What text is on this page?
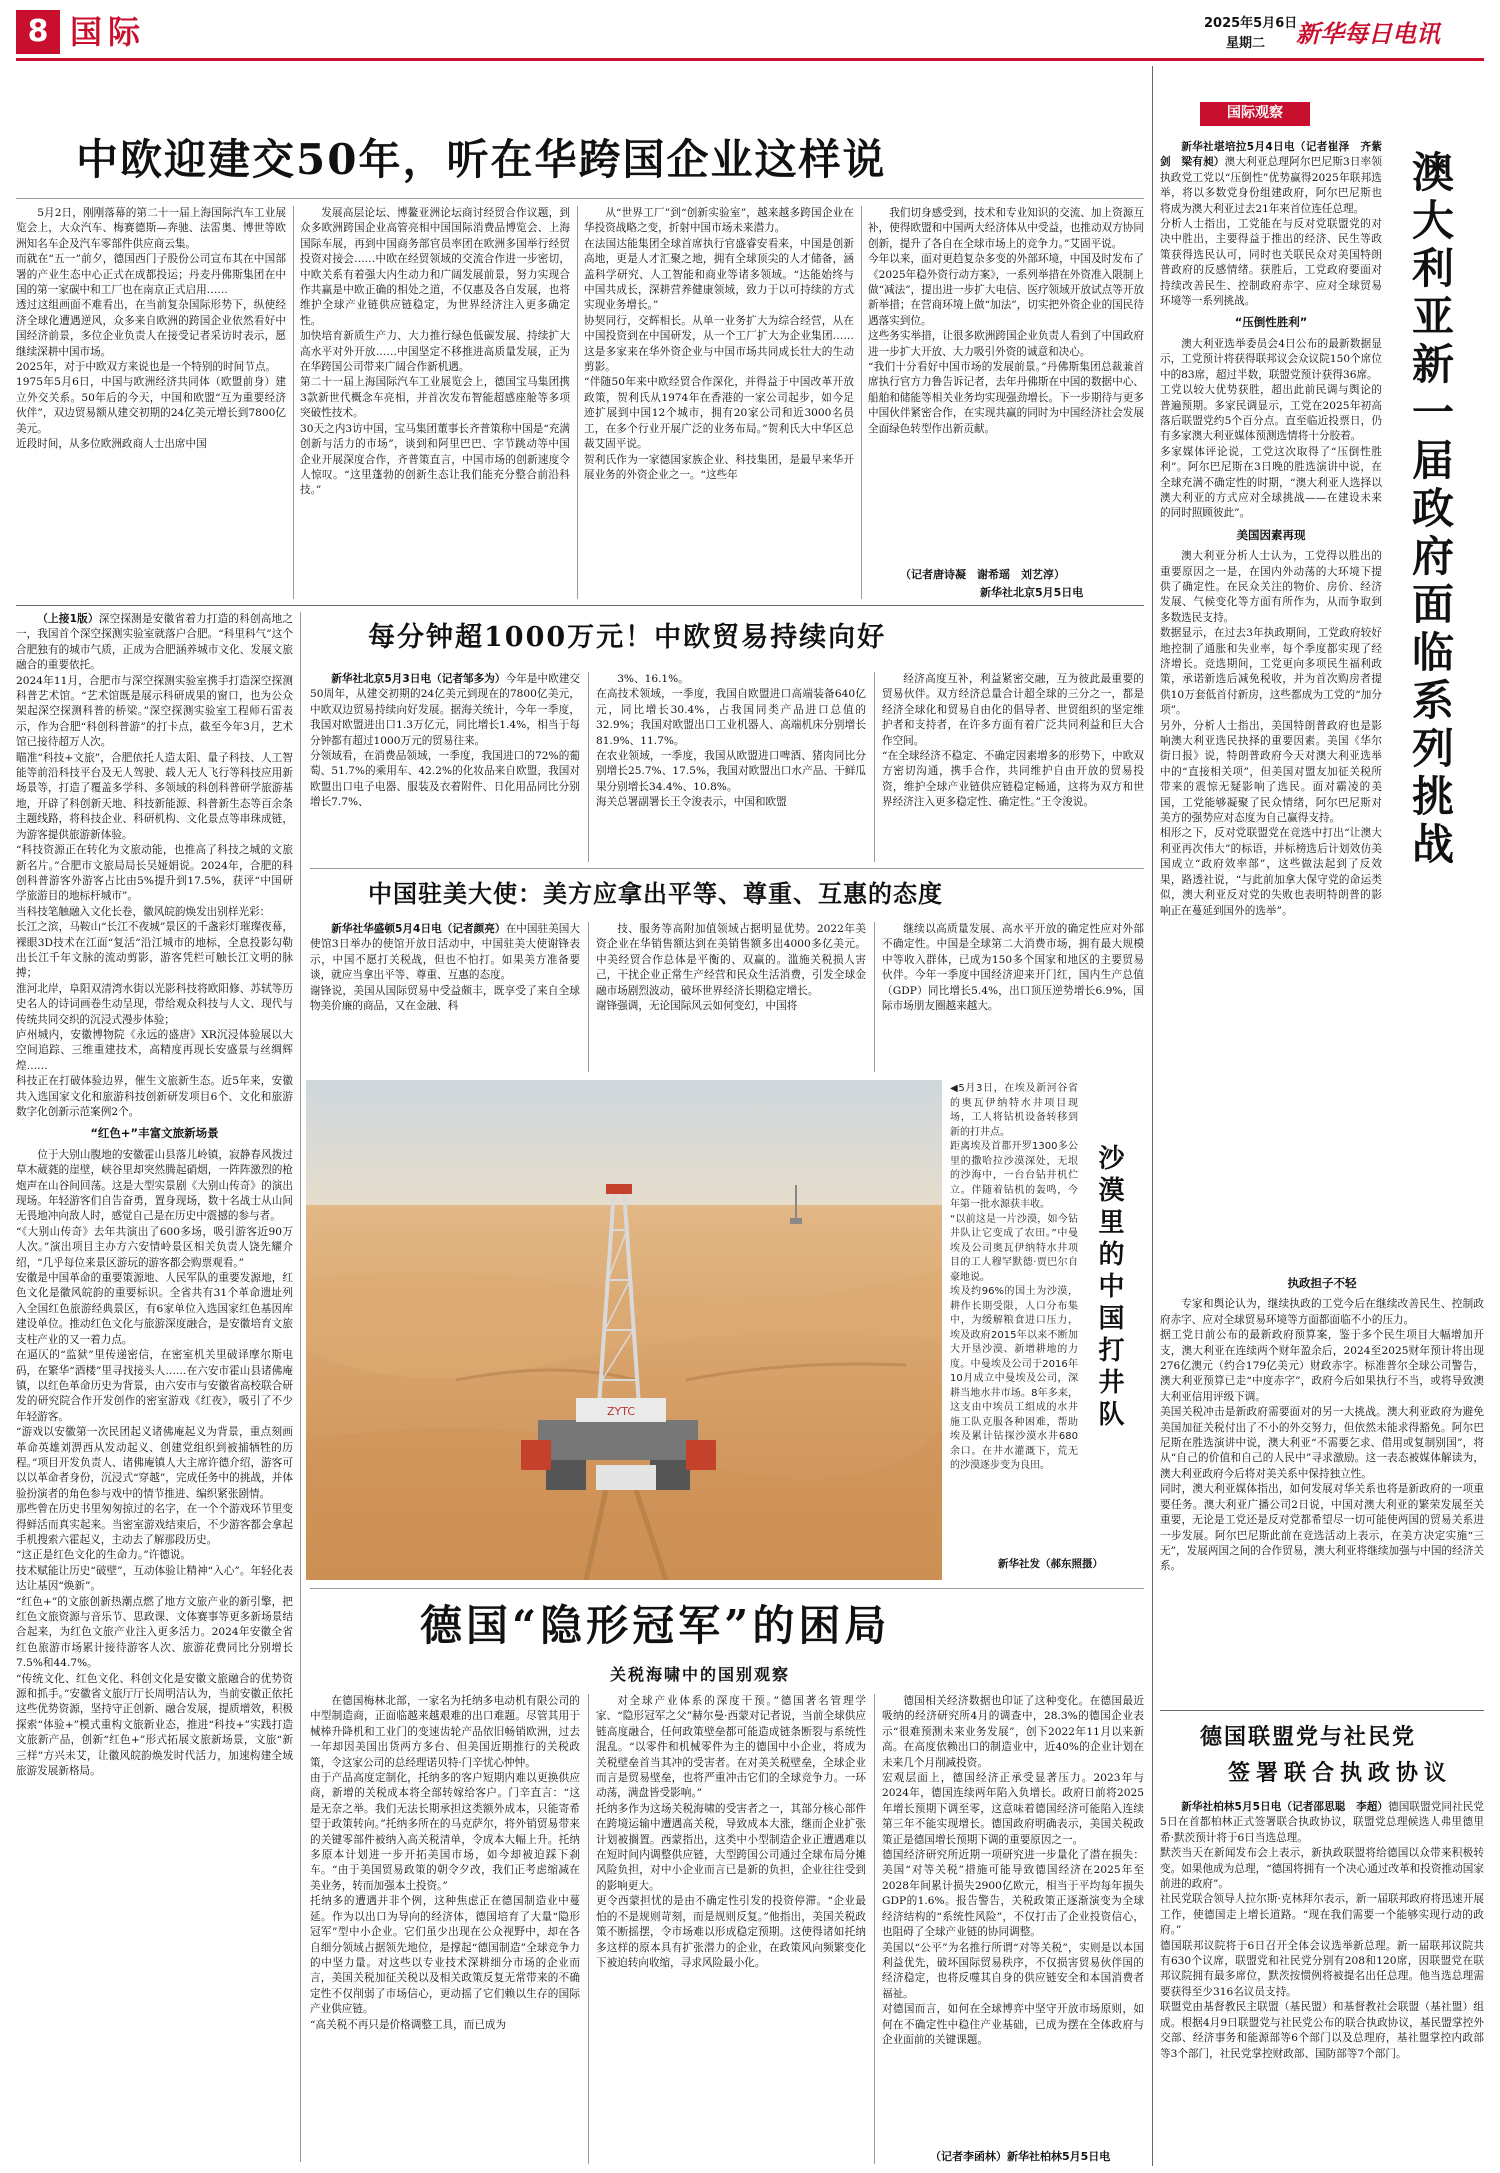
8 国际	2025年5月6日
星期二 新华每日电讯
中欧迎建交50年，听在华跨国企业这样说

5月2日，刚刚落幕的第二十一届上海国际汽车工业展览会上，大众汽车、梅赛德斯—奔驰、法雷奥、博世等欧洲知名车企及汽车零部件供应商云集。
而就在“五一”前夕，德国西门子股份公司宣布其在中国部署的产业生态中心正式在成都投运；丹麦丹佛斯集团在中国的第一家碳中和工厂也在南京正式启用……
透过这组画面不难看出，在当前复杂国际形势下，纵使经济全球化遭遇逆风，众多来自欧洲的跨国企业依然看好中国经济前景，多位企业负责人在接受记者采访时表示，愿继续深耕中国市场。
2025年，对于中欧双方来说也是一个特别的时间节点。
1975年5月6日，中国与欧洲经济共同体（欧盟前身）建立外交关系。50年后的今天，中国和欧盟“互为重要经济伙伴”，双边贸易额从建交初期的24亿美元增长到7800亿美元。
近段时间，从多位欧洲政商人士出席中国

发展高层论坛、博鳌亚洲论坛商讨经贸合作议题，到众多欧洲跨国企业高管亮相中国国际消费品博览会、上海国际车展，再到中国商务部官员率团在欧洲多国举行经贸投资对接会……中欧在经贸领域的交流合作进一步密切，中欧关系有着强大内生动力和广阔发展前景，努力实现合作共赢是中欧正确的相处之道，不仅惠及各自发展，也将维护全球产业链供应链稳定，为世界经济注入更多确定性。
加快培育新质生产力、大力推行绿色低碳发展、持续扩大高水平对外开放……中国坚定不移推进高质量发展，正为在华跨国公司带来广阔合作新机遇。
第二十一届上海国际汽车工业展览会上，德国宝马集团携3款新世代概念车亮相，并首次发布智能超感座舱等多项突破性技术。
30天之内3访中国，宝马集团董事长齐普策称中国是“充满创新与活力的市场”，谈到和阿里巴巴、字节跳动等中国企业开展深度合作，齐普策直言，中国市场的创新速度令人惊叹。“这里蓬勃的创新生态让我们能充分整合前沿科技。”

从“世界工厂”到“创新实验室”，越来越多跨国企业在华投资战略之变，折射中国市场未来潜力。
在法国达能集团全球首席执行官盛睿安看来，中国是创新高地，更是人才汇聚之地，拥有全球顶尖的人才储备，涵盖科学研究、人工智能和商业等诸多领域。“达能始终与中国共成长，深耕营养健康领域，致力于以可持续的方式实现业务增长。”
协契同行，交辉相长。从单一业务扩大为综合经营，从在中国投资到在中国研发，从一个工厂扩大为企业集团……这是多家来在华外资企业与中国市场共同成长壮大的生动剪影。
“伴随50年来中欧经贸合作深化，并得益于中国改革开放政策，贺利氏从1974年在香港的一家公司起步，如今足迹扩展到中国12个城市，拥有20家公司和近3000名员工，在多个行业开展广泛的业务布局。”贺利氏大中华区总裁艾固平说。
贺利氏作为一家德国家族企业、科技集团，是最早来华开展业务的外资企业之一。“这些年

我们切身感受到，技术和专业知识的交流、加上资源互补，使得欧盟和中国两大经济体从中受益，也推动双方协同创新，提升了各自在全球市场上的竞争力。”艾固平说。
今年以来，面对更趋复杂多变的外部环境，中国及时发布了《2025年稳外资行动方案》，一系列举措在外资准入限制上做“减法”，提出进一步扩大电信、医疗领域开放试点等开放新举措；在营商环境上做“加法”，切实把外资企业的国民待遇落实到位。
这些务实举措，让很多欧洲跨国企业负责人看到了中国政府进一步扩大开放、大力吸引外资的诚意和决心。
“我们十分看好中国市场的发展前景。”丹佛斯集团总裁兼首席执行官方力鲁告诉记者，去年丹佛斯在中国的数据中心、船舶和储能等相关业务均实现强劲增长。下一步期待与更多中国伙伴紧密合作，在实现共赢的同时为中国经济社会发展全面绿色转型作出新贡献。

（记者唐诗凝　谢希瑶　刘艺淳）
新华社北京5月5日电

（上接1版）深空探测是安徽省着力打造的科创高地之一，我国首个深空探测实验室就落户合肥。“科里科气”这个合肥独有的城市气质，正成为合肥涵养城市文化、发展文旅融合的重要依托。
2024年11月，合肥市与深空探测实验室携手打造深空探测科普艺术馆。“艺术馆既是展示科研成果的窗口，也为公众架起深空探测科普的桥梁。”深空探测实验室工程师石雷表示，作为合肥“科创科普游”的打卡点，截至今年3月，艺术馆已接待超万人次。
瞄准“科技+文旅”，合肥依托人造太阳、量子科技、人工智能等前沿科技平台及无人驾驶、载人无人飞行等科技应用新场景等，打造了覆盖多学科、多领域的科创科普研学旅游基地，开辟了科创新天地、科技新能源、科普新生态等百余条主题线路，将科技企业、科研机构、文化景点等串珠成链，为游客提供旅游新体验。
“科技资源正在转化为文旅动能，也推高了科技之城的文旅新名片。”合肥市文旅局局长吴娅娟说。2024年，合肥的科创科普游客外游客占比由5%提升到17.5%，获评“中国研学旅游目的地标杆城市”。
当科技笔触融入文化长卷，徽风皖韵焕发出别样光彩：
长江之滨，马鞍山“长江不夜城”景区的千盏彩灯璀璨夜幕，裸眼3D技术在江面“复活”沿江城市的地标，全息投影勾勒出长江千年文脉的流动剪影，游客凭栏可触长江文明的脉搏；
淮河北岸，阜阳双清湾水街以光影科技将欧阳修、苏轼等历史名人的诗词画卷生动呈现，带给观众科技与人文、现代与传统共同交织的沉浸式漫步体验；
庐州城内，安徽博物院《永远的盛唐》XR沉浸体验展以大空间追踪、三维重建技术，高精度再现长安盛景与丝绸辉煌……
科技正在打破体验边界，催生文旅新生态。近5年来，安徽共入选国家文化和旅游科技创新研发项目6个、文化和旅游数字化创新示范案例2个。

“红色+”丰富文旅新场景

位于大别山腹地的安徽霍山县落儿岭镇，寂静春风拨过草木葳蕤的崖壁，峡谷里却突然腾起硝烟，一阵阵激烈的枪炮声在山谷间回荡。这是大型实景剧《大别山传奇》的演出现场。年轻游客们自告奋勇，置身现场，数十名战士从山间无畏地冲向敌人时，感觉自己是在历史中震撼的参与者。
“《大别山传奇》去年共演出了600多场，吸引游客近90万人次。”演出项目主办方六安情岭景区相关负责人饶先耀介绍，“几乎每位来景区游玩的游客都会购票观看。”
安徽是中国革命的重要策源地、人民军队的重要发源地，红色文化是徽风皖韵的重要标识。全省共有31个革命遗址列入全国红色旅游经典景区，有6家单位入选国家红色基因库建设单位。推动红色文化与旅游深度融合，是安徽培育文旅支柱产业的又一着力点。
在逼仄的“监狱”里传递密信，在密室机关里破译摩尔斯电码，在繁华“酒楼”里寻找接头人……在六安市霍山县诸佛庵镇，以红色革命历史为背景，由六安市与安徽省高校联合研发的研究院合作开发创作的密室游戏《红夜》，吸引了不少年轻游客。
“游戏以安徽第一次民团起义诸佛庵起义为背景，重点刻画革命英雄刘淠西从发动起义、创建党组织到被捕牺牲的历程。”项目开发负责人、诸佛庵镇人大主席许德介绍，游客可以以革命者身份，沉浸式“穿越”，完成任务中的挑战，并体验扮演者的角色参与戏中的情节推进、编织紧张剧情。
那些曾在历史书里匆匆掠过的名字，在一个个游戏环节里变得鲜活而真实起来。当密室游戏结束后，不少游客都会拿起手机搜索六霍起义，主动去了解那段历史。
“这正是红色文化的生命力。”许德说。
技术赋能让历史“破壁”，互动体验让精神“入心”。年轻化表达让基因“焕新”。
“红色+”的文旅创新热潮点燃了地方文旅产业的新引擎，把红色文旅资源与音乐节、思政课、文体赛事等更多新场景结合起来，为红色文旅产业注入更多活力。2024年安徽全省红色旅游市场累计接待游客人次、旅游花费同比分别增长7.5%和44.7%。
“传统文化、红色文化、科创文化是安徽文旅融合的优势资源和抓手。”安徽省文旅厅厅长周明洁认为，当前安徽正依托这些优势资源，坚持守正创新、融合发展，提质增效，积极探索“体验+”模式重构文旅新业态，推进“科技+”实践打造文旅新产品，创新“红色+”形式拓展文旅新场景，文旅“新三样”方兴未艾，让徽风皖韵焕发时代活力，加速构建全域旅游发展新格局。

每分钟超1000万元！中欧贸易持续向好

新华社北京5月3日电（记者邹多为）今年是中欧建交50周年，从建交初期的24亿美元到现在的7800亿美元，中欧双边贸易持续向好发展。据海关统计，今年一季度，我国对欧盟进出口1.3万亿元，同比增长1.4%，相当于每分钟都有超过1000万元的贸易往来。
分领域看，在消费品领域，一季度，我国进口的72%的葡萄、51.7%的乘用车、42.2%的化妆品来自欧盟，我国对欧盟出口电子电器、服装及衣着附件、日化用品同比分别增长7.7%、

3%、16.1%。
在高技术领域，一季度，我国自欧盟进口高端装备640亿元，同比增长30.4%，占我国同类产品进口总值的32.9%；我国对欧盟出口工业机器人、高端机床分别增长81.9%、11.7%。
在农业领域，一季度，我国从欧盟进口啤酒、猪肉同比分别增长25.7%、17.5%，我国对欧盟出口水产品、干鲜瓜果分别增长34.4%、10.8%。
海关总署副署长王令浚表示，中国和欧盟

经济高度互补，利益紧密交融，互为彼此最重要的贸易伙伴。双方经济总量合计超全球的三分之一，都是经济全球化和贸易自由化的倡导者、世贸组织的坚定维护者和支持者，在许多方面有着广泛共同利益和巨大合作空间。
“在全球经济不稳定、不确定因素增多的形势下，中欧双方密切沟通，携手合作，共同维护自由开放的贸易投资，维护全球产业链供应链稳定畅通，这将为双方和世界经济注入更多稳定性、确定性。”王令浚说。

中国驻美大使：美方应拿出平等、尊重、互惠的态度

新华社华盛顿5月4日电（记者颜亮）在中国驻美国大使馆3日举办的使馆开放日活动中，中国驻美大使谢锋表示，中国不愿打关税战，但也不怕打。如果美方准备要谈，就应当拿出平等、尊重、互惠的态度。
谢锋说，美国从国际贸易中受益颇丰，既享受了来自全球物美价廉的商品，又在金融、科

技、服务等高附加值领域占据明显优势。2022年美资企业在华销售额达到在美销售额多出4000多亿美元。中美经贸合作总体是平衡的、双赢的。滥施关税损人害己，干扰企业正常生产经营和民众生活消费，引发全球金融市场剧烈波动，破坏世界经济长期稳定增长。
谢锋强调，无论国际风云如何变幻，中国将

继续以高质量发展、高水平开放的确定性应对外部不确定性。中国是全球第二大消费市场，拥有最大规模中等收入群体，已成为150多个国家和地区的主要贸易伙伴。今年一季度中国经济迎来开门红，国内生产总值（GDP）同比增长5.4%，出口顶压逆势增长6.9%，国际市场朋友圈越来越大。

ZYTC

◀5月3日，在埃及新河谷省的奥瓦伊纳特水井项目现场，工人将钻机设备转移到新的打井点。
距离埃及首都开罗1300多公里的撒哈拉沙漠深处，无垠的沙海中，一台台钻井机伫立。伴随着钻机的轰鸣，今年第一批水源获丰收。
“以前这是一片沙漠，如今钻井队让它变成了农田。”中曼埃及公司奥瓦伊纳特水井项目的工人穆罕默德·贾巴尔自豪地说。
埃及约96%的国土为沙漠，耕作长期受限，人口分布集中，为缓解粮食进口压力，埃及政府2015年以来不断加大开垦沙漠、新增耕地的力度。中曼埃及公司于2016年10月成立中曼埃及公司，深耕当地水井市场。8年多来，这支由中埃员工组成的水井施工队克服各种困难，帮助埃及累计钻探沙漠水井680余口。在井水灌溉下，荒无的沙漠逐步变为良田。

新华社发（郝东照摄）
沙漠里的中国打井队
德国“隐形冠军”的困局
关税海啸中的国别观察

在德国梅林北部，一家名为托纳多电动机有限公司的中型制造商，正面临越来越艰难的出口难题。尽管其用于械棒升降机和工业门的变速齿轮产品依旧畅销欧洲，过去一年却因美国出货两方多台、但美国近期推行的关税政策，令这家公司的总经理诺贝特·门辛忧心忡忡。
由于产品高度定制化，托纳多的客户短期内难以更换供应商，新增的关税成本将全部转嫁给客户。门辛直言：“这是无奈之举。我们无法长期承担这类额外成本，只能寄希望于政策转向。”托纳多所在的马克萨尔，将外销贸易带来的关键零部件被纳入高关税清单，令成本大幅上升。托纳多原本计划进一步开拓美国市场，如今却被迫踩下刹车。“由于美国贸易政策的朝令夕改，我们正考虑缩减在美业务，转而加强本土投资。”
托纳多的遭遇并非个例，这种焦虑正在德国制造业中蔓延。作为以出口为导向的经济体，德国培育了大量“隐形冠军”型中小企业。它们虽少出现在公众视野中，却在各自细分领域占据领先地位，是撑起“德国制造”全球竞争力的中坚力量。对这些以专业技术深耕细分市场的企业而言，美国关税加征关税以及相关政策反复无常带来的不确定性不仅削弱了市场信心，更动摇了它们赖以生存的国际产业供应链。
“高关税不再只是价格调整工具，而已成为

对全球产业体系的深度干预。”德国著名管理学家、“隐形冠军之父”赫尔曼·西蒙对记者说，当前全球供应链高度融合，任何政策壁垒都可能造成链条断裂与系统性混乱。“以零件和机械零件为主的德国中小企业，将成为关税壁垒首当其冲的受害者。在对美关税壁垒，全球企业而言是贸易壁垒，也将严重冲击它们的全球竞争力。一环动荡，满盘皆受影响。”
托纳多作为这场关税海啸的受害者之一，其部分核心部件在跨境运输中遭遇高关税，导致成本大涨，继而企业扩张计划被搁置。西蒙指出，这类中小型制造企业正遭遇难以在短时间内调整供应链，大型跨国公司通过全球布局分摊风险负担，对中小企业而言已是新的负担，企业往往受到的影响更大。
更令西蒙担忧的是由不确定性引发的投资停滞。“企业最怕的不是规则苛刻，而是规则反复。”他指出，美国关税政策不断摇摆，令市场难以形成稳定预期。这使得诸如托纳多这样的原本具有扩张潜力的企业，在政策风向频繁变化下被迫转向收缩，寻求风险最小化。

德国相关经济数据也印证了这种变化。在德国最近吸纳的经济研究所4月的调查中，28.3%的德国企业表示“很难预测未来业务发展”，创下2022年11月以来新高。在高度依赖出口的制造业中，近40%的企业计划在未来几个月削减投资。
宏观层面上，德国经济正承受显著压力。2023年与2024年，德国连续两年陷入负增长。政府日前将2025年增长预期下调至零，这意味着德国经济可能陷入连续第三年不能实现增长。德国政府明确表示，美国关税政策正是德国增长预期下调的重要原因之一。
德国经济研究所近期一项研究进一步量化了潜在损失：美国“对等关税”措施可能导致德国经济在2025年至2028年间累计损失2900亿欧元，相当于平均每年损失GDP的1.6%。报告警告，关税政策正逐渐演变为全球经济结构的“系统性风险”，不仅打击了企业投资信心，也阻碍了全球产业链的协同调整。
美国以“公平”为名推行所谓“对等关税”，实则是以本国利益优先，破坏国际贸易秩序，不仅损害贸易伙伴国的经济稳定，也将反噬其自身的供应链安全和本国消费者福祉。
对德国而言，如何在全球博弈中坚守开放市场原则，如何在不确定性中稳住产业基础，已成为摆在全体政府与企业面前的关键课题。

（记者李函林）新华社柏林5月5日电
国际观察
澳大利亚新一届政府面临系列挑战

新华社堪培拉5月4日电（记者崔泽　齐紫剑　梁有昶）澳大利亚总理阿尔巴尼斯3日率领执政党工党以“压倒性”优势赢得2025年联邦选举，将以多数党身份组建政府，阿尔巴尼斯也将成为澳大利亚过去21年来首位连任总理。
分析人士指出，工党能在与反对党联盟党的对决中胜出，主要得益于推出的经济、民生等政策获得选民认可，同时也关联民众对美国特朗普政府的反感情绪。获胜后，工党政府要面对持续改善民生、控制政府赤字、应对全球贸易环境等一系列挑战。

“压倒性胜利”

澳大利亚选举委员会4日公布的最新数据显示，工党预计将获得联邦议会众议院150个席位中的83席，超过半数，联盟党预计获得36席。
工党以较大优势获胜，超出此前民调与舆论的普遍预期。多家民调显示，工党在2025年初高落后联盟党约5个百分点。直至临近投票日，仍有多家澳大利亚媒体预测选情将十分胶着。
多家媒体评论说，工党这次取得了“压倒性胜利”。阿尔巴尼斯在3日晚的胜选演讲中说，在全球充满不确定性的时期，“澳大利亚人选择以澳大利亚的方式应对全球挑战——在建设未来的同时照顾彼此”。

美国因素再现

澳大利亚分析人士认为，工党得以胜出的重要原因之一是，在国内外动荡的大环境下提供了确定性。在民众关注的物价、房价、经济发展、气候变化等方面有所作为，从而争取到多数选民支持。
数据显示，在过去3年执政期间，工党政府较好地控制了通胀和失业率，每个季度都实现了经济增长。竞选期间，工党更向多项民生福利政策，承诺新选后减免税收，并为首次购房者提供10万套低首付新房，这些都成为工党的“加分项”。
另外，分析人士指出，美国特朗普政府也是影响澳大利亚选民抉择的重要因素。美国《华尔街日报》说，特朗普政府今天对澳大利亚选举中的“直接相关项”，但美国对盟友加征关税所带来的震惊无疑影响了选民。面对霸凌的美国，工党能够凝聚了民众情绪，阿尔巴尼斯对美方的强势应对态度为自己赢得支持。
相形之下，反对党联盟党在竞选中打出“让澳大利亚再次伟大”的标语，并标榜选后计划效仿美国成立“政府效率部”，这些做法起到了反效果，路透社说，“与此前加拿大保守党的命运类似，澳大利亚反对党的失败也表明特朗普的影响正在蔓延到国外的选举”。

执政担子不轻

专家和舆论认为，继续执政的工党今后在继续改善民生、控制政府赤字、应对全球贸易环境等方面都面临不小的压力。
据工党日前公布的最新政府预算案，鉴于多个民生项目大幅增加开支，澳大利亚在连续两个财年盈余后，2024至2025财年预计将出现276亿澳元（约合179亿美元）财政赤字。标准普尔全球公司警告，澳大利亚预算已走“中度赤字”，政府今后如果执行不当，或将导致澳大利亚信用评级下调。
美国关税冲击是新政府需要面对的另一大挑战。澳大利亚政府为避免美国加征关税付出了不小的外交努力，但依然未能求得豁免。阿尔巴尼斯在胜选演讲中说，澳大利亚“不需要乞求、借用或复制别国”，将从“自己的价值和自己的人民中”寻求激励。这一表态被媒体解读为，澳大利亚政府今后将对美关系中保持独立性。
同时，澳大利亚媒体指出，如何发展对华关系也将是新政府的一项重要任务。澳大利亚广播公司2日说，中国对澳大利亚的繁荣发展至关重要，无论是工党还是反对党都希望尽一切可能使两国的贸易关系进一步发展。阿尔巴尼斯此前在竞选活动上表示，在美方决定实施“三无”，发展两国之间的合作贸易，澳大利亚将继续加强与中国的经济关系。

德国联盟党与社民党
签署联合执政协议

新华社柏林5月5日电（记者邵思聪　李超）德国联盟党同社民党5日在首都柏林正式签署联合执政协议，联盟党总理候选人弗里德里希·默茨预计将于6日当选总理。
默茨当天在新闻发布会上表示，新执政联盟将给德国以众带来积极转变。如果他成为总理，“德国将拥有一个决心通过改革和投资推动国家前进的政府”。
社民党联合领导人拉尔斯·克林拜尔表示，新一届联邦政府将迅速开展工作，使德国走上增长道路。“现在我们需要一个能够实现行动的政府。”
德国联邦议院将于6日召开全体会议选举新总理。新一届联邦议院共有630个议席，联盟党和社民党分别有208和120席，因联盟党在联邦议院拥有最多席位，默茨按惯例将被提名出任总理。他当选总理需要获得至少316名议员支持。
联盟党由基督教民主联盟（基民盟）和基督教社会联盟（基社盟）组成。根据4月9日联盟党与社民党公布的联合执政协议，基民盟掌控外交部、经济事务和能源部等6个部门以及总理府，基社盟掌控内政部等3个部门，社民党掌控财政部、国防部等7个部门。
